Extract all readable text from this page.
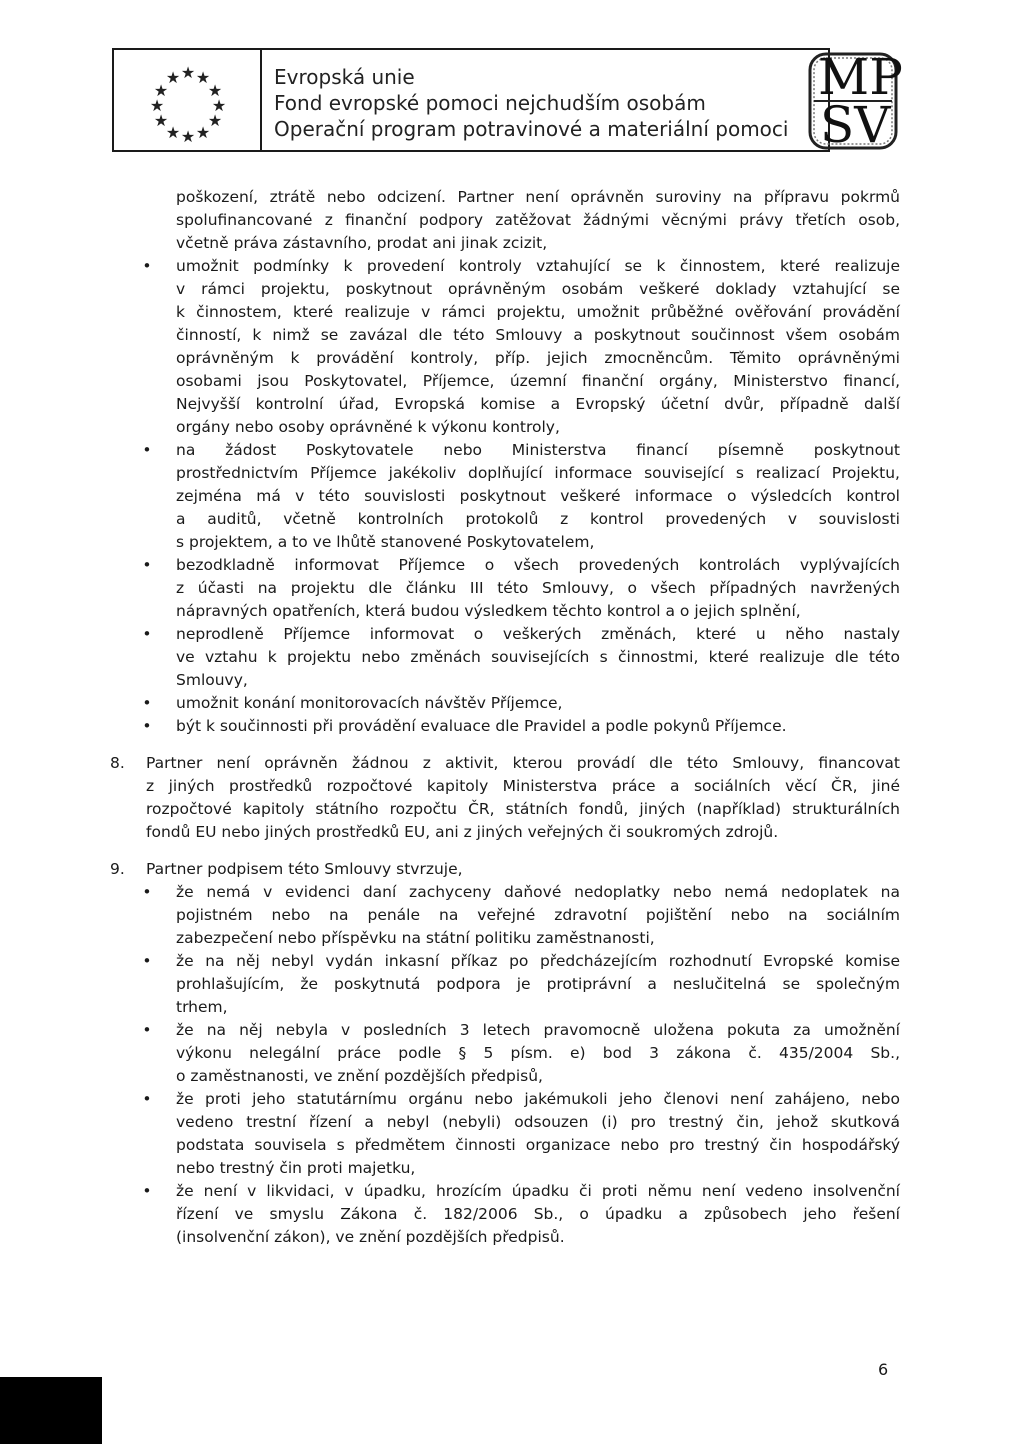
★
★ ★
★ ★
★	★
★ ★
★ ★
★
Evropská unie
Fond evropské pomoci nejchudším osobám
Operační program potravinové a materiální pomoci
MP
SV
poškození, ztrátě nebo odcizení. Partner není oprávněn suroviny na přípravu pokrmů
spolufinancované z finanční podpory zatěžovat žádnými věcnými právy třetích osob,
včetně práva zástavního, prodat ani jinak zcizit,
•	umožnit podmínky k provedení kontroly vztahující se k činnostem, které realizuje
v rámci projektu, poskytnout oprávněným osobám veškeré doklady vztahující se
k činnostem, které realizuje v rámci projektu, umožnit průběžné ověřování provádění
činností, k nimž se zavázal dle této Smlouvy a poskytnout součinnost všem osobám
oprávněným k provádění kontroly, příp. jejich zmocněncům. Těmito oprávněnými
osobami jsou Poskytovatel, Příjemce, územní finanční orgány, Ministerstvo financí,
Nejvyšší kontrolní úřad, Evropská komise a Evropský účetní dvůr, případně další
orgány nebo osoby oprávněné k výkonu kontroly,
•	na žádost Poskytovatele nebo Ministerstva financí písemně poskytnout
prostřednictvím Příjemce jakékoliv doplňující informace související s realizací Projektu,
zejména má v této souvislosti poskytnout veškeré informace o výsledcích kontrol
a auditů, včetně kontrolních protokolů z kontrol provedených v souvislosti
s projektem, a to ve lhůtě stanovené Poskytovatelem,
•	bezodkladně informovat Příjemce o všech provedených kontrolách vyplývajících
z účasti na projektu dle článku III této Smlouvy, o všech případných navržených
nápravných opatřeních, která budou výsledkem těchto kontrol a o jejich splnění,
•	neprodleně Příjemce informovat o veškerých změnách, které u něho nastaly
ve vztahu k projektu nebo změnách souvisejících s činnostmi, které realizuje dle této
Smlouvy,
•	umožnit konání monitorovacích návštěv Příjemce,
•	být k součinnosti při provádění evaluace dle Pravidel a podle pokynů Příjemce.
8.	Partner není oprávněn žádnou z aktivit, kterou provádí dle této Smlouvy, financovat
z jiných prostředků rozpočtové kapitoly Ministerstva práce a sociálních věcí ČR, jiné
rozpočtové kapitoly státního rozpočtu ČR, státních fondů, jiných (například) strukturálních
fondů EU nebo jiných prostředků EU, ani z jiných veřejných či soukromých zdrojů.
9.	Partner podpisem této Smlouvy stvrzuje,
•	že nemá v evidenci daní zachyceny daňové nedoplatky nebo nemá nedoplatek na
pojistném nebo na penále na veřejné zdravotní pojištění nebo na sociálním
zabezpečení nebo příspěvku na státní politiku zaměstnanosti,
•	že na něj nebyl vydán inkasní příkaz po předcházejícím rozhodnutí Evropské komise
prohlašujícím, že poskytnutá podpora je protiprávní a neslučitelná se společným
trhem,
•	že na něj nebyla v posledních 3 letech pravomocně uložena pokuta za umožnění
výkonu nelegální práce podle § 5 písm. e) bod 3 zákona č. 435/2004 Sb.,
o zaměstnanosti, ve znění pozdějších předpisů,
•	že proti jeho statutárnímu orgánu nebo jakémukoli jeho členovi není zahájeno, nebo
vedeno trestní řízení a nebyl (nebyli) odsouzen (i) pro trestný čin, jehož skutková
podstata souvisela s předmětem činnosti organizace nebo pro trestný čin hospodářský
nebo trestný čin proti majetku,
•	že není v likvidaci, v úpadku, hrozícím úpadku či proti němu není vedeno insolvenční
řízení ve smyslu Zákona č. 182/2006 Sb., o úpadku a způsobech jeho řešení
(insolvenční zákon), ve znění pozdějších předpisů.
6
